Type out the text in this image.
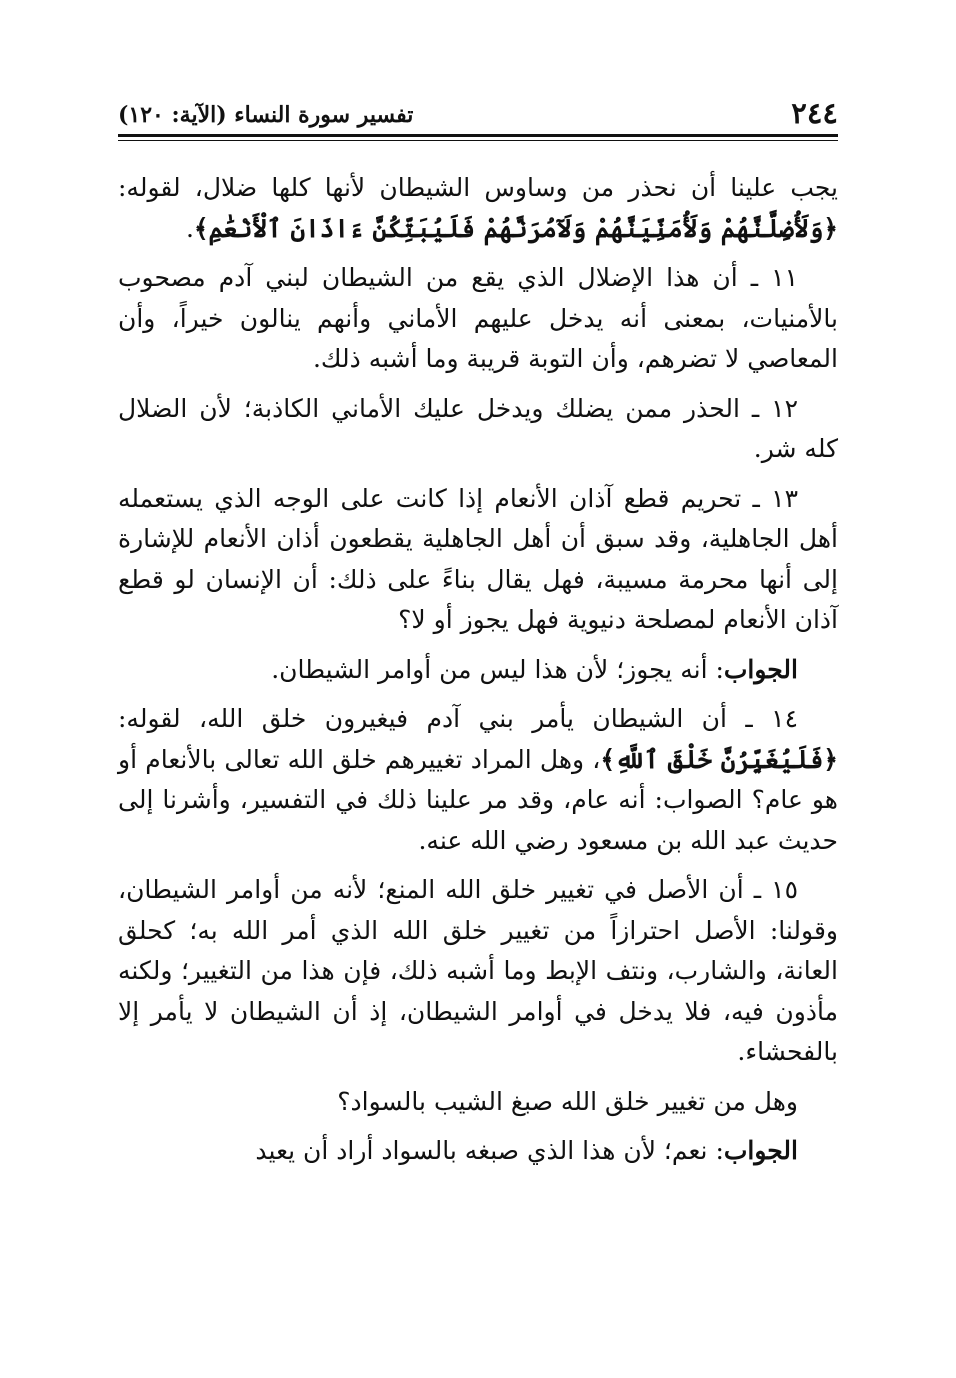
٢٤٤
تفسير سورة النساء (الآية: ١٢٠)

يجب علينا أن نحذر من وساوس الشيطان لأنها كلها ضلال، لقوله: ﴿وَلَأُضِلَّنَّهُمْ وَلَأُمَنِّيَنَّهُمْ وَلَآمُرَنَّهُمْ فَلَيُبَتِّكُنَّ ءَاذَانَ ٱلْأَنْعَٰمِ﴾.

١١ ـ أن هذا الإضلال الذي يقع من الشيطان لبني آدم مصحوب بالأمنيات، بمعنى أنه يدخل عليهم الأماني وأنهم ينالون خيراً، وأن المعاصي لا تضرهم، وأن التوبة قريبة وما أشبه ذلك.

١٢ ـ الحذر ممن يضلك ويدخل عليك الأماني الكاذبة؛ لأن الضلال كله شر.

١٣ ـ تحريم قطع آذان الأنعام إذا كانت على الوجه الذي يستعمله أهل الجاهلية، وقد سبق أن أهل الجاهلية يقطعون أذان الأنعام للإشارة إلى أنها محرمة مسيبة، فهل يقال بناءً على ذلك: أن الإنسان لو قطع آذان الأنعام لمصلحة دنيوية فهل يجوز أو لا؟

الجواب: أنه يجوز؛ لأن هذا ليس من أوامر الشيطان.

١٤ ـ أن الشيطان يأمر بني آدم فيغيرون خلق الله، لقوله: ﴿فَلَيُغَيِّرُنَّ خَلْقَ ٱللَّهِ﴾، وهل المراد تغييرهم خلق الله تعالى بالأنعام أو هو عام؟ الصواب: أنه عام، وقد مر علينا ذلك في التفسير، وأشرنا إلى حديث عبد الله بن مسعود رضي الله عنه.

١٥ ـ أن الأصل في تغيير خلق الله المنع؛ لأنه من أوامر الشيطان، وقولنا: الأصل احترازاً من تغيير خلق الله الذي أمر الله به؛ كحلق العانة، والشارب، ونتف الإبط وما أشبه ذلك، فإن هذا من التغيير؛ ولكنه مأذون فيه، فلا يدخل في أوامر الشيطان، إذ أن الشيطان لا يأمر إلا بالفحشاء.

وهل من تغيير خلق الله صبغ الشيب بالسواد؟

الجواب: نعم؛ لأن هذا الذي صبغه بالسواد أراد أن يعيد
